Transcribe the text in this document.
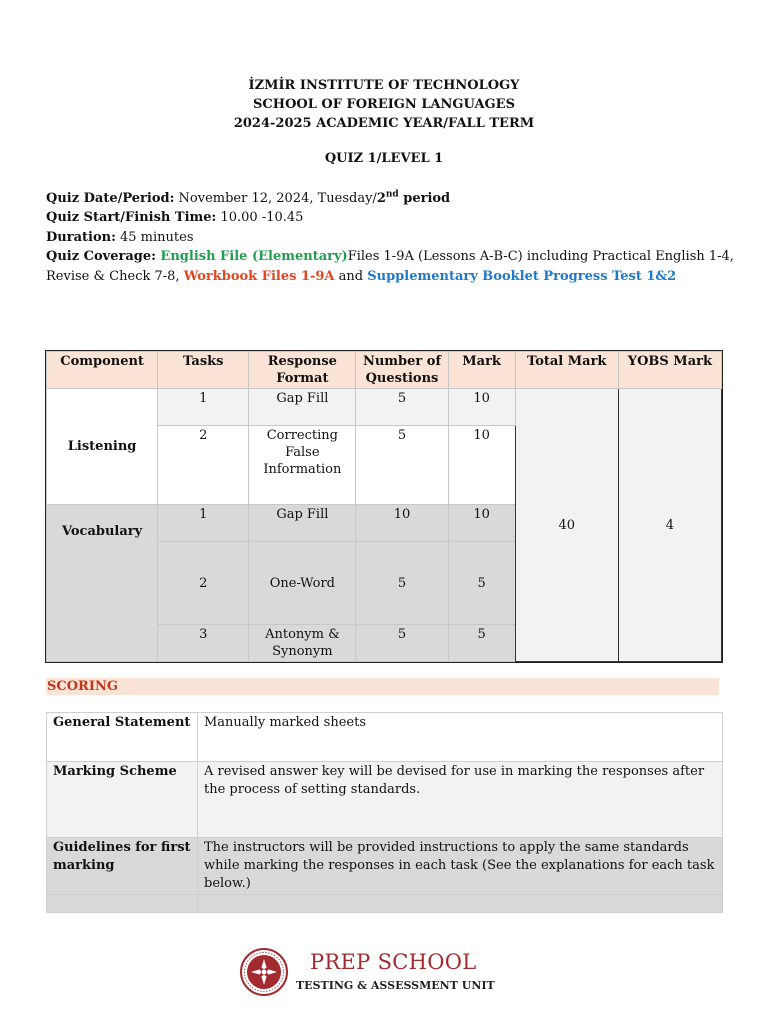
İZMİR INSTITUTE OF TECHNOLOGY
SCHOOL OF FOREIGN LANGUAGES
2024-2025 ACADEMIC YEAR/FALL TERM
QUIZ 1/LEVEL 1
Quiz Date/Period: November 12, 2024, Tuesday/2nd period
Quiz Start/Finish Time: 10.00 -10.45
Duration: 45 minutes
Quiz Coverage: English File (Elementary)Files 1-9A (Lessons A-B-C) including Practical English 1-4, Revise & Check 7-8, Workbook Files 1-9A and Supplementary Booklet Progress Test 1&2
Component	Tasks	Response Format	Number of Questions	Mark	Total Mark	YOBS Mark
Listening	1	Gap Fill	5	10	40	4
	2	Correcting False Information	5	10		
Vocabulary	1	Gap Fill	10	10		
	2	One-Word	5	5		
	3	Antonym & Synonym	5	5		
SCORING
General Statement	Manually marked sheets
Marking Scheme	A revised answer key will be devised for use in marking the responses after the process of setting standards.
Guidelines for first marking	The instructors will be provided instructions to apply the same standards while marking the responses in each task (See the explanations for each task below.)

PREP SCHOOL
TESTING & ASSESSMENT UNIT
